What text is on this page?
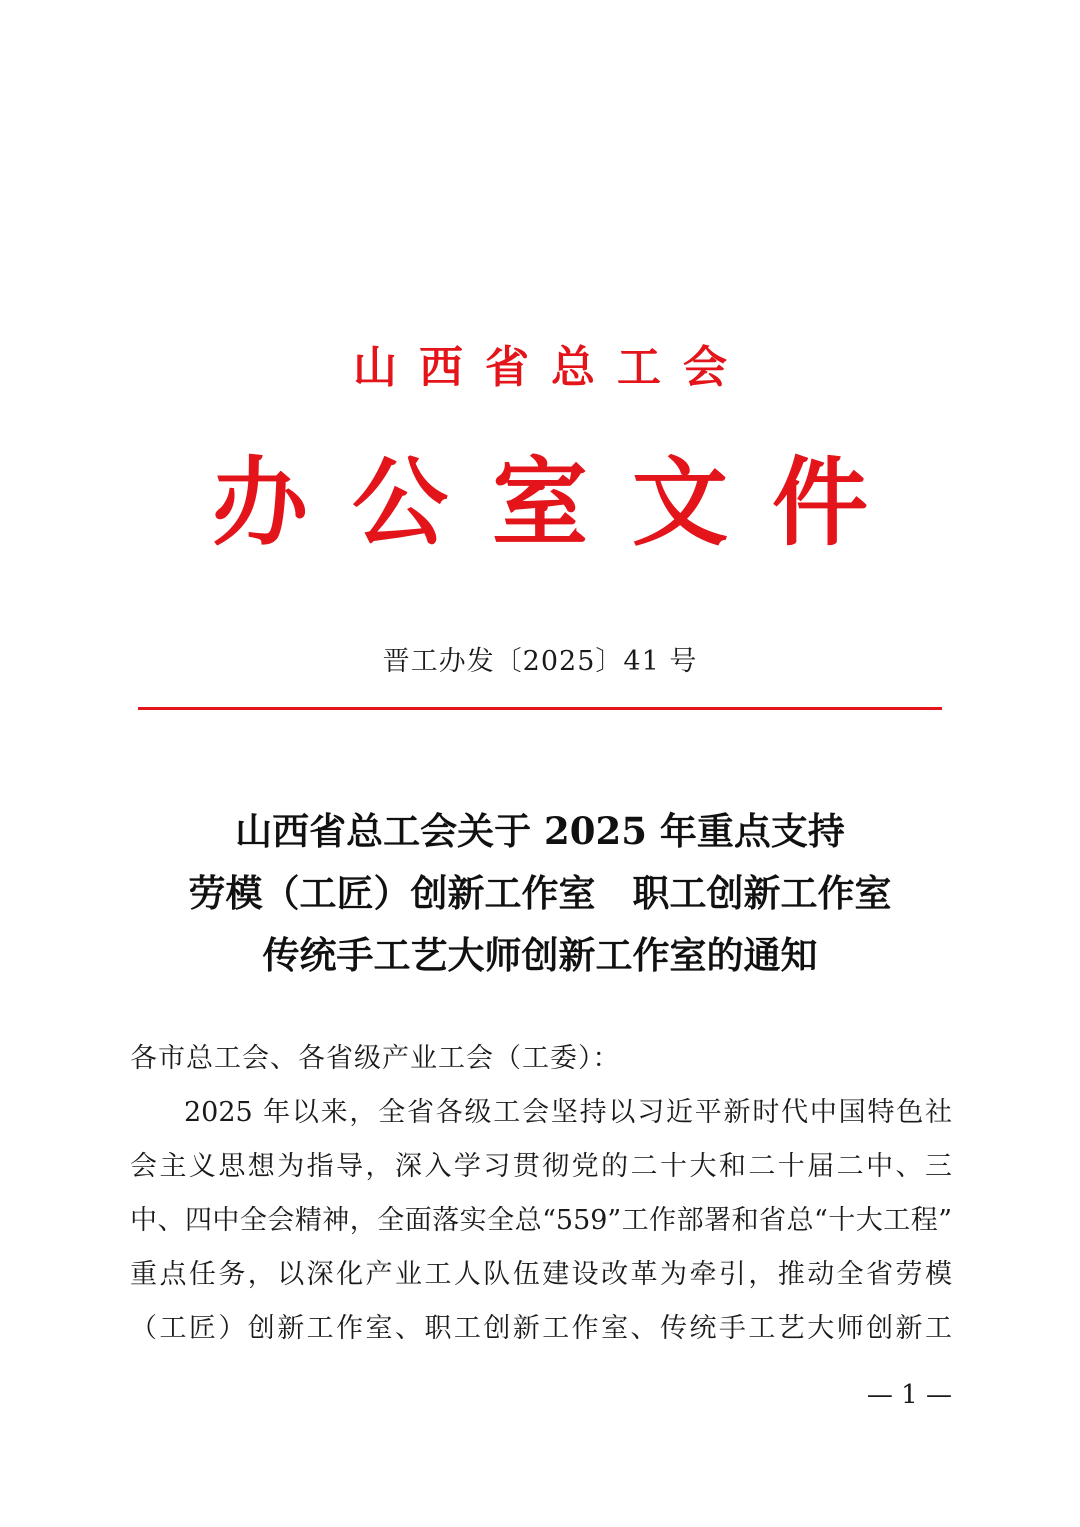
山西省总工会
办公室文件
晋工办发〔2025〕41 号
山西省总工会关于 2025 年重点支持
劳模（工匠）创新工作室　职工创新工作室
传统手工艺大师创新工作室的通知
各市总工会、各省级产业工会（工委）：
2025 年以来，全省各级工会坚持以习近平新时代中国特色社
会主义思想为指导，深入学习贯彻党的二十大和二十届二中、三
中、四中全会精神，全面落实全总“559”工作部署和省总“十大工程”
重点任务，以深化产业工人队伍建设改革为牵引，推动全省劳模
（工匠）创新工作室、职工创新工作室、传统手工艺大师创新工
— 1 —
